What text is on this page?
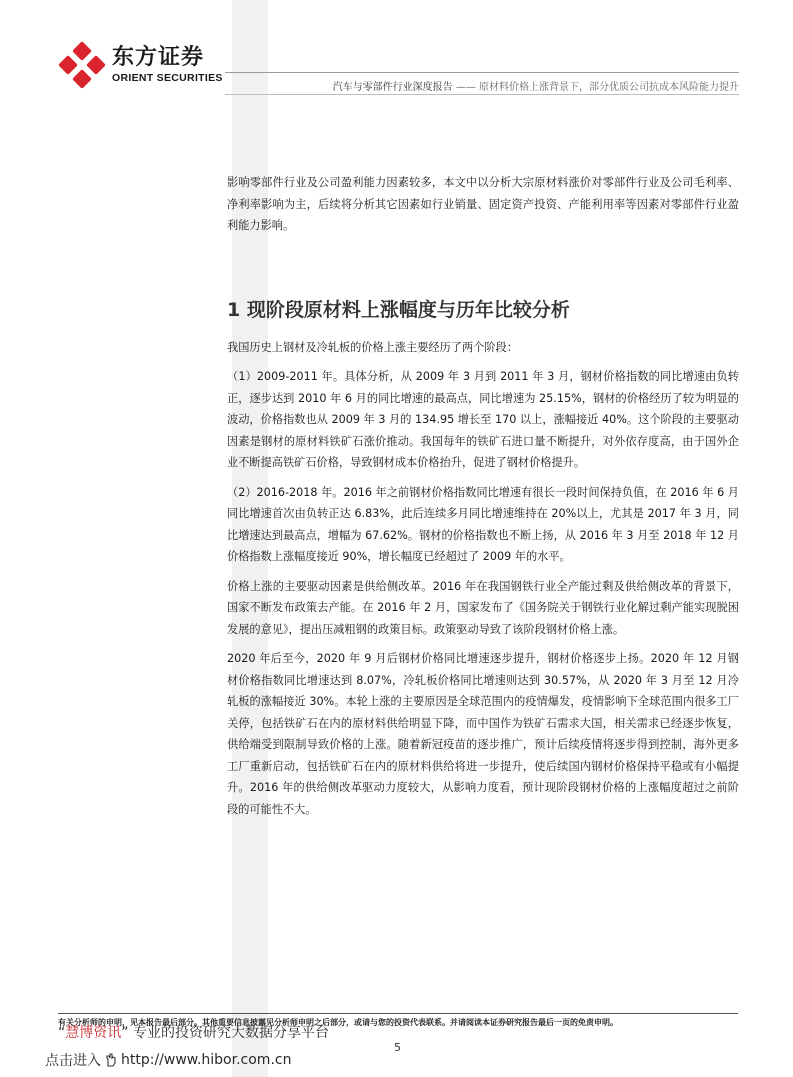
东方证券
ORIENT SECURITIES
汽车与零部件行业深度报告 —— 原材料价格上涨背景下，部分优质公司抗成本风险能力提升

影响零部件行业及公司盈利能力因素较多，本文中以分析大宗原材料涨价对零部件行业及公司毛利率、净利率影响为主，后续将分析其它因素如行业销量、固定资产投资、产能利用率等因素对零部件行业盈利能力影响。

1 现阶段原材料上涨幅度与历年比较分析

我国历史上钢材及冷轧板的价格上涨主要经历了两个阶段：

（1）2009-2011 年。具体分析，从 2009 年 3 月到 2011 年 3 月，钢材价格指数的同比增速由负转正，逐步达到 2010 年 6 月的同比增速的最高点，同比增速为 25.15%，钢材的价格经历了较为明显的波动，价格指数也从 2009 年 3 月的 134.95 增长至 170 以上，涨幅接近 40%。这个阶段的主要驱动因素是钢材的原材料铁矿石涨价推动。我国每年的铁矿石进口量不断提升，对外依存度高，由于国外企业不断提高铁矿石价格，导致钢材成本价格抬升，促进了钢材价格提升。

（2）2016-2018 年。2016 年之前钢材价格指数同比增速有很长一段时间保持负值，在 2016 年 6 月同比增速首次由负转正达 6.83%，此后连续多月同比增速维持在 20%以上，尤其是 2017 年 3 月，同比增速达到最高点，增幅为 67.62%。钢材的价格指数也不断上扬，从 2016 年 3 月至 2018 年 12 月价格指数上涨幅度接近 90%，增长幅度已经超过了 2009 年的水平。

价格上涨的主要驱动因素是供给侧改革。2016 年在我国钢铁行业全产能过剩及供给侧改革的背景下，国家不断发布政策去产能。在 2016 年 2 月，国家发布了《国务院关于钢铁行业化解过剩产能实现脱困发展的意见》，提出压减粗钢的政策目标。政策驱动导致了该阶段钢材价格上涨。

2020 年后至今，2020 年 9 月后钢材价格同比增速逐步提升，钢材价格逐步上扬。2020 年 12 月钢材价格指数同比增速达到 8.07%，冷轧板价格同比增速则达到 30.57%，从 2020 年 3 月至 12 月冷轧板的涨幅接近 30%。本轮上涨的主要原因是全球范围内的疫情爆发，疫情影响下全球范围内很多工厂关停，包括铁矿石在内的原材料供给明显下降，而中国作为铁矿石需求大国，相关需求已经逐步恢复，供给端受到限制导致价格的上涨。随着新冠疫苗的逐步推广，预计后续疫情将逐步得到控制，海外更多工厂重新启动，包括铁矿石在内的原材料供给将进一步提升，使后续国内钢材价格保持平稳或有小幅提升。2016 年的供给侧改革驱动力度较大，从影响力度看，预计现阶段钢材价格的上涨幅度超过之前阶段的可能性不大。

有关分析师的申明，见本报告最后部分。其他重要信息披露见分析师申明之后部分，或请与您的投资代表联系。并请阅读本证券研究报告最后一页的免责申明。
“慧博资讯” 专业的投资研究大数据分享平台
5
点击进入 http://www.hibor.com.cn
